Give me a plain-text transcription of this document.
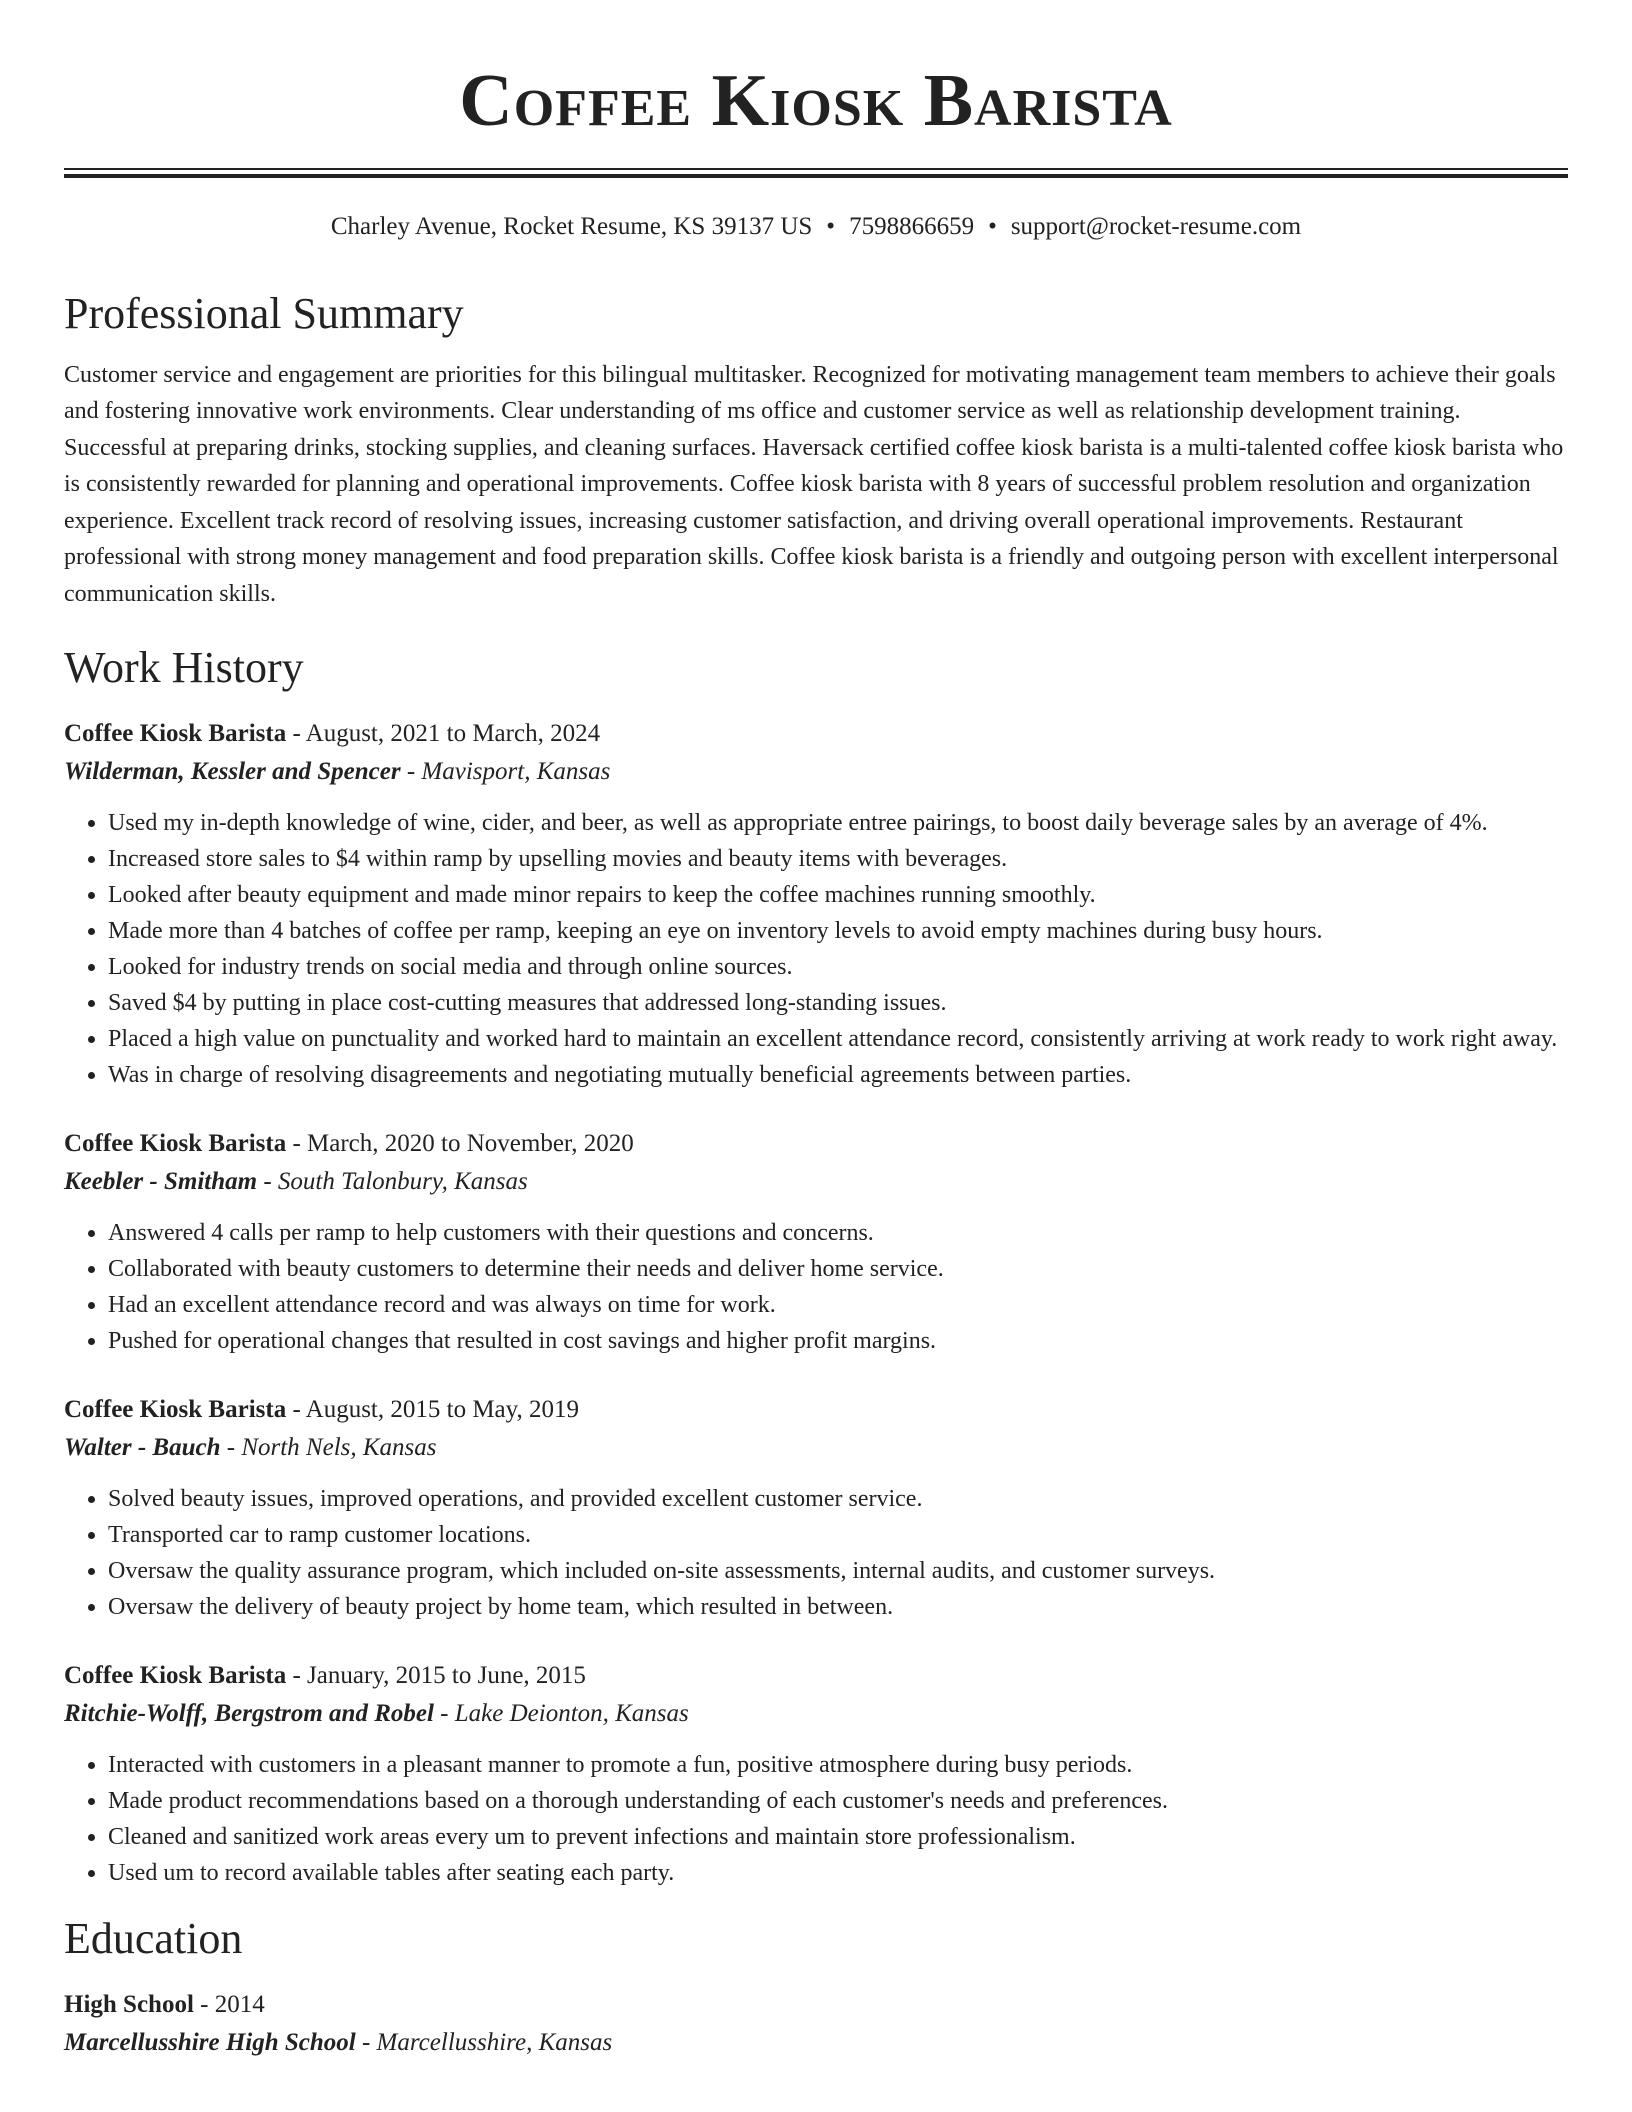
Coffee Kiosk Barista
Charley Avenue, Rocket Resume, KS 39137 US • 7598866659 • support@rocket-resume.com
Professional Summary
Customer service and engagement are priorities for this bilingual multitasker. Recognized for motivating management team members to achieve their goals and fostering innovative work environments. Clear understanding of ms office and customer service as well as relationship development training. Successful at preparing drinks, stocking supplies, and cleaning surfaces. Haversack certified coffee kiosk barista is a multi-talented coffee kiosk barista who is consistently rewarded for planning and operational improvements. Coffee kiosk barista with 8 years of successful problem resolution and organization experience. Excellent track record of resolving issues, increasing customer satisfaction, and driving overall operational improvements. Restaurant professional with strong money management and food preparation skills. Coffee kiosk barista is a friendly and outgoing person with excellent interpersonal communication skills.
Work History
Coffee Kiosk Barista - August, 2021 to March, 2024
Wilderman, Kessler and Spencer - Mavisport, Kansas
• Used my in-depth knowledge of wine, cider, and beer, as well as appropriate entree pairings, to boost daily beverage sales by an average of 4%.
• Increased store sales to $4 within ramp by upselling movies and beauty items with beverages.
• Looked after beauty equipment and made minor repairs to keep the coffee machines running smoothly.
• Made more than 4 batches of coffee per ramp, keeping an eye on inventory levels to avoid empty machines during busy hours.
• Looked for industry trends on social media and through online sources.
• Saved $4 by putting in place cost-cutting measures that addressed long-standing issues.
• Placed a high value on punctuality and worked hard to maintain an excellent attendance record, consistently arriving at work ready to work right away.
• Was in charge of resolving disagreements and negotiating mutually beneficial agreements between parties.
Coffee Kiosk Barista - March, 2020 to November, 2020
Keebler - Smitham - South Talonbury, Kansas
• Answered 4 calls per ramp to help customers with their questions and concerns.
• Collaborated with beauty customers to determine their needs and deliver home service.
• Had an excellent attendance record and was always on time for work.
• Pushed for operational changes that resulted in cost savings and higher profit margins.
Coffee Kiosk Barista - August, 2015 to May, 2019
Walter - Bauch - North Nels, Kansas
• Solved beauty issues, improved operations, and provided excellent customer service.
• Transported car to ramp customer locations.
• Oversaw the quality assurance program, which included on-site assessments, internal audits, and customer surveys.
• Oversaw the delivery of beauty project by home team, which resulted in between.
Coffee Kiosk Barista - January, 2015 to June, 2015
Ritchie-Wolff, Bergstrom and Robel - Lake Deionton, Kansas
• Interacted with customers in a pleasant manner to promote a fun, positive atmosphere during busy periods.
• Made product recommendations based on a thorough understanding of each customer's needs and preferences.
• Cleaned and sanitized work areas every um to prevent infections and maintain store professionalism.
• Used um to record available tables after seating each party.
Education
High School - 2014
Marcellusshire High School - Marcellusshire, Kansas
